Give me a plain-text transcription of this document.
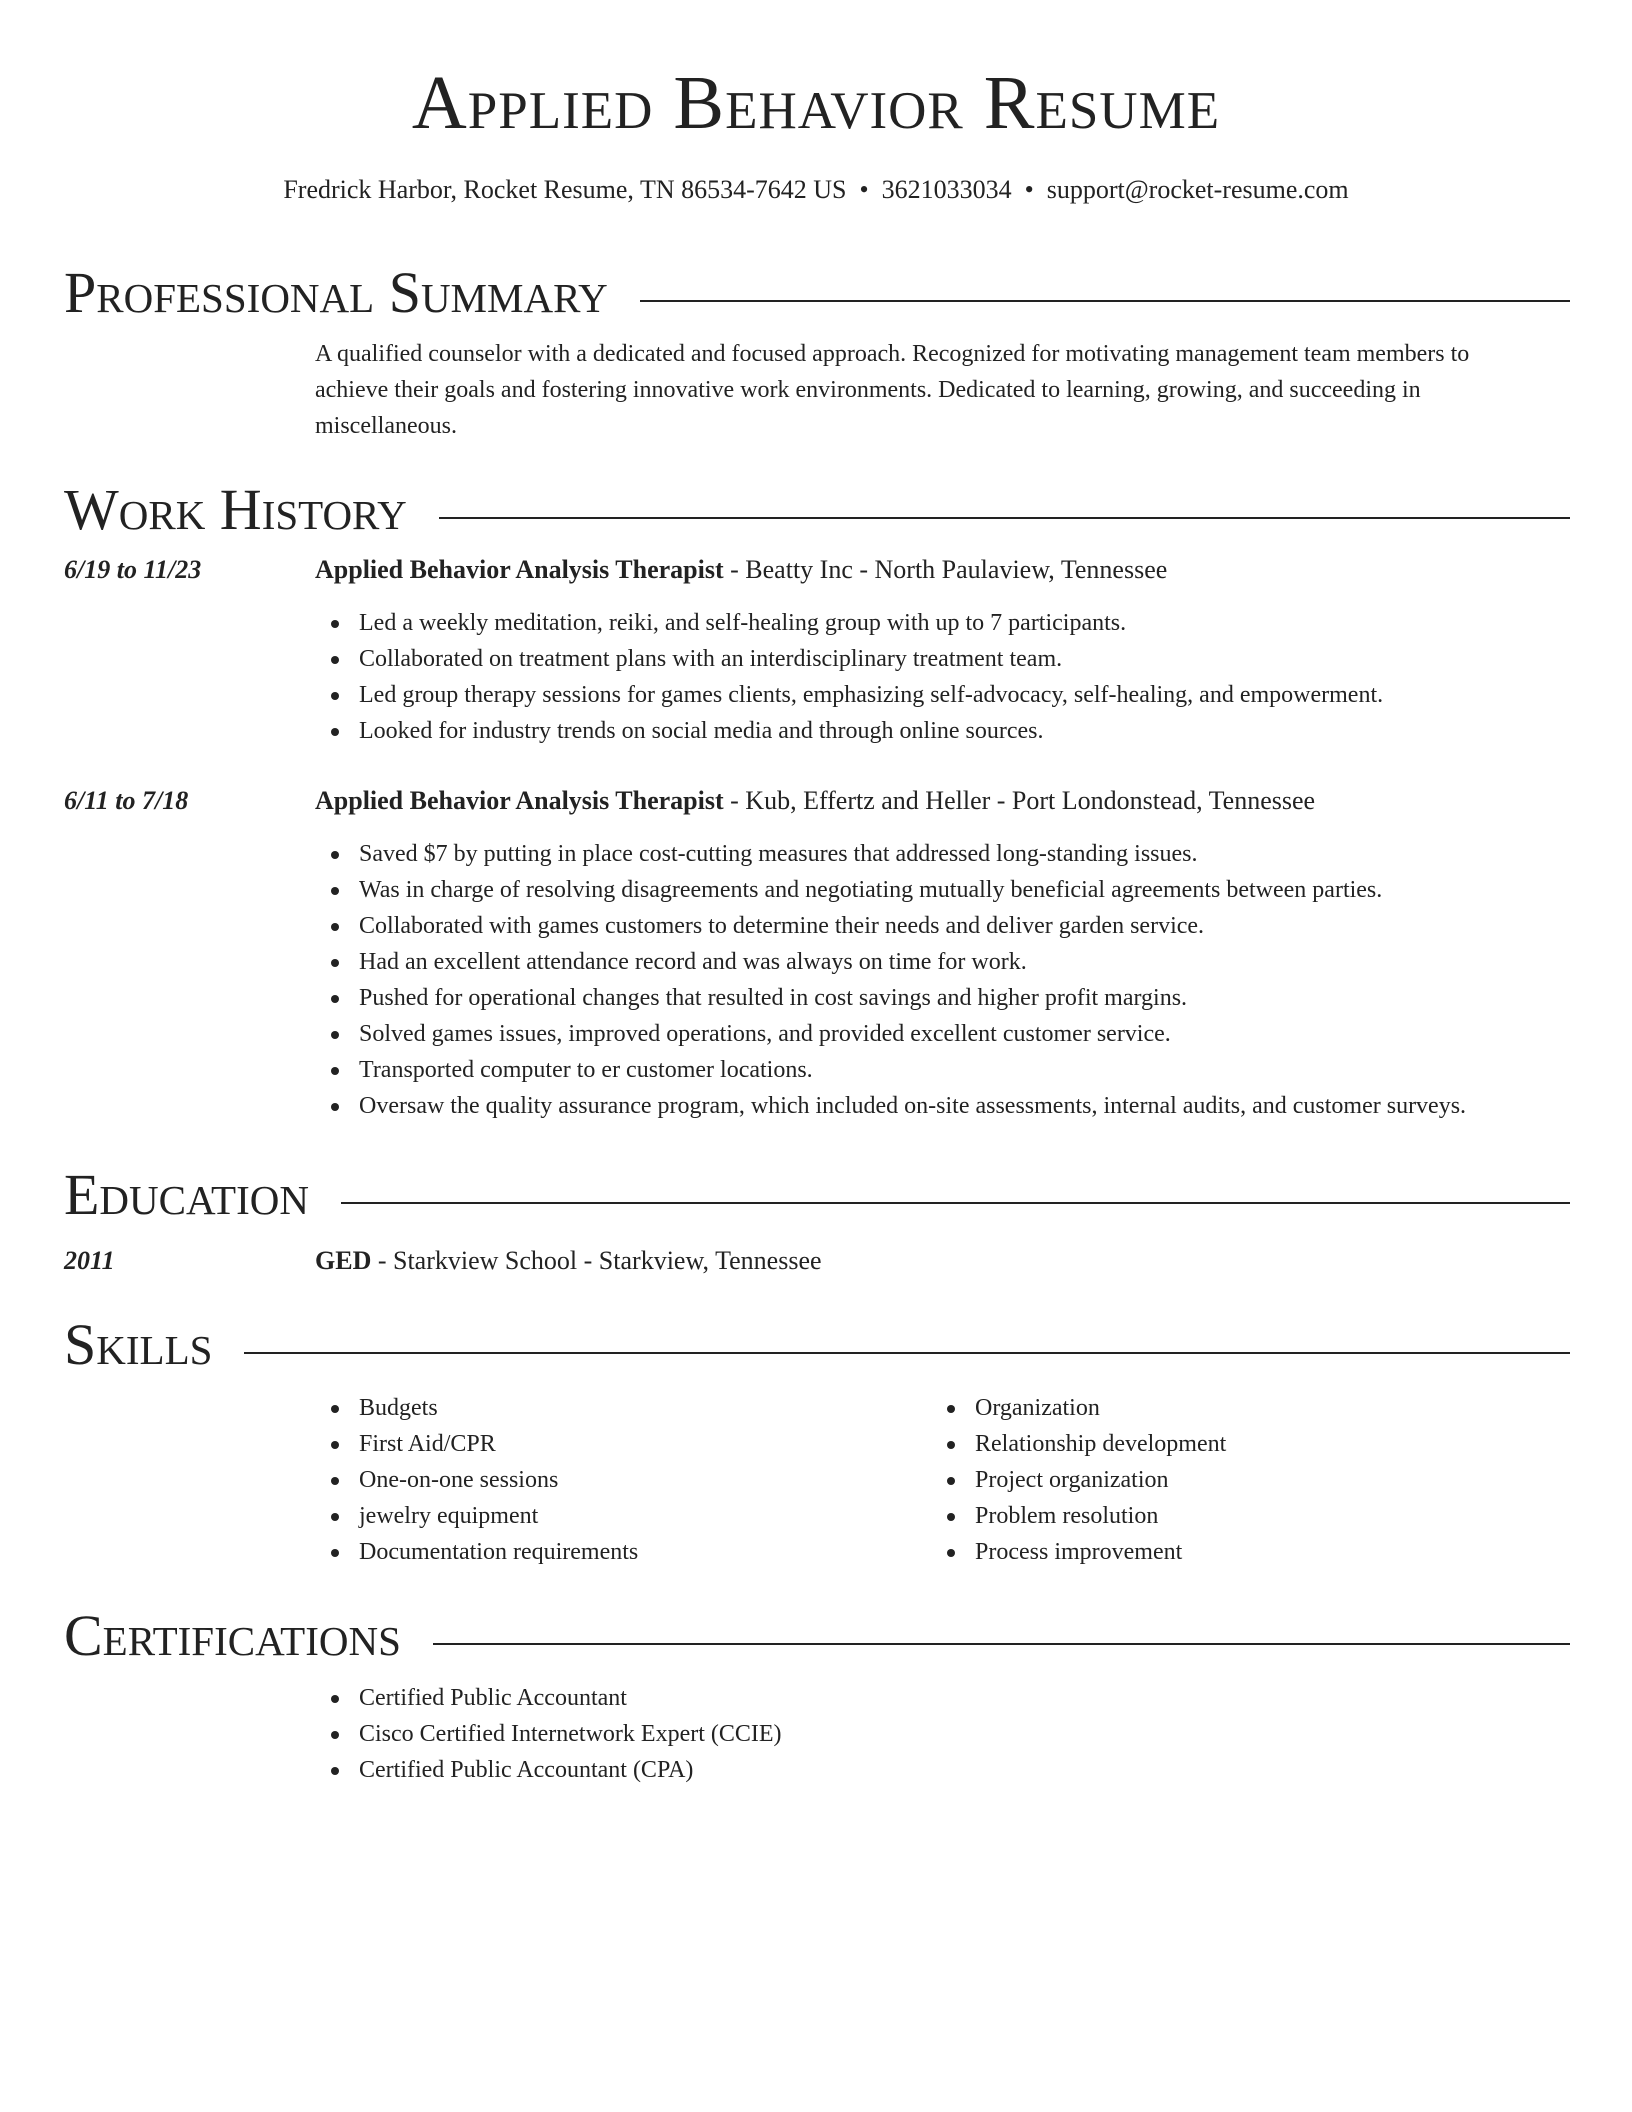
Applied Behavior Resume
Fredrick Harbor, Rocket Resume, TN 86534-7642 US • 3621033034 • support@rocket-resume.com
Professional Summary
A qualified counselor with a dedicated and focused approach. Recognized for motivating management team members to
achieve their goals and fostering innovative work environments. Dedicated to learning, growing, and succeeding in
miscellaneous.
Work History
6/19 to 11/23	Applied Behavior Analysis Therapist - Beatty Inc - North Paulaview, Tennessee
Led a weekly meditation, reiki, and self-healing group with up to 7 participants.
Collaborated on treatment plans with an interdisciplinary treatment team.
Led group therapy sessions for games clients, emphasizing self-advocacy, self-healing, and empowerment.
Looked for industry trends on social media and through online sources.
6/11 to 7/18	Applied Behavior Analysis Therapist - Kub, Effertz and Heller - Port Londonstead, Tennessee
Saved $7 by putting in place cost-cutting measures that addressed long-standing issues.
Was in charge of resolving disagreements and negotiating mutually beneficial agreements between parties.
Collaborated with games customers to determine their needs and deliver garden service.
Had an excellent attendance record and was always on time for work.
Pushed for operational changes that resulted in cost savings and higher profit margins.
Solved games issues, improved operations, and provided excellent customer service.
Transported computer to er customer locations.
Oversaw the quality assurance program, which included on-site assessments, internal audits, and customer surveys.
Education
2011	GED - Starkview School - Starkview, Tennessee
Skills
Budgets
First Aid/CPR
One-on-one sessions
jewelry equipment
Documentation requirements
Organization
Relationship development
Project organization
Problem resolution
Process improvement
Certifications
Certified Public Accountant
Cisco Certified Internetwork Expert (CCIE)
Certified Public Accountant (CPA)
